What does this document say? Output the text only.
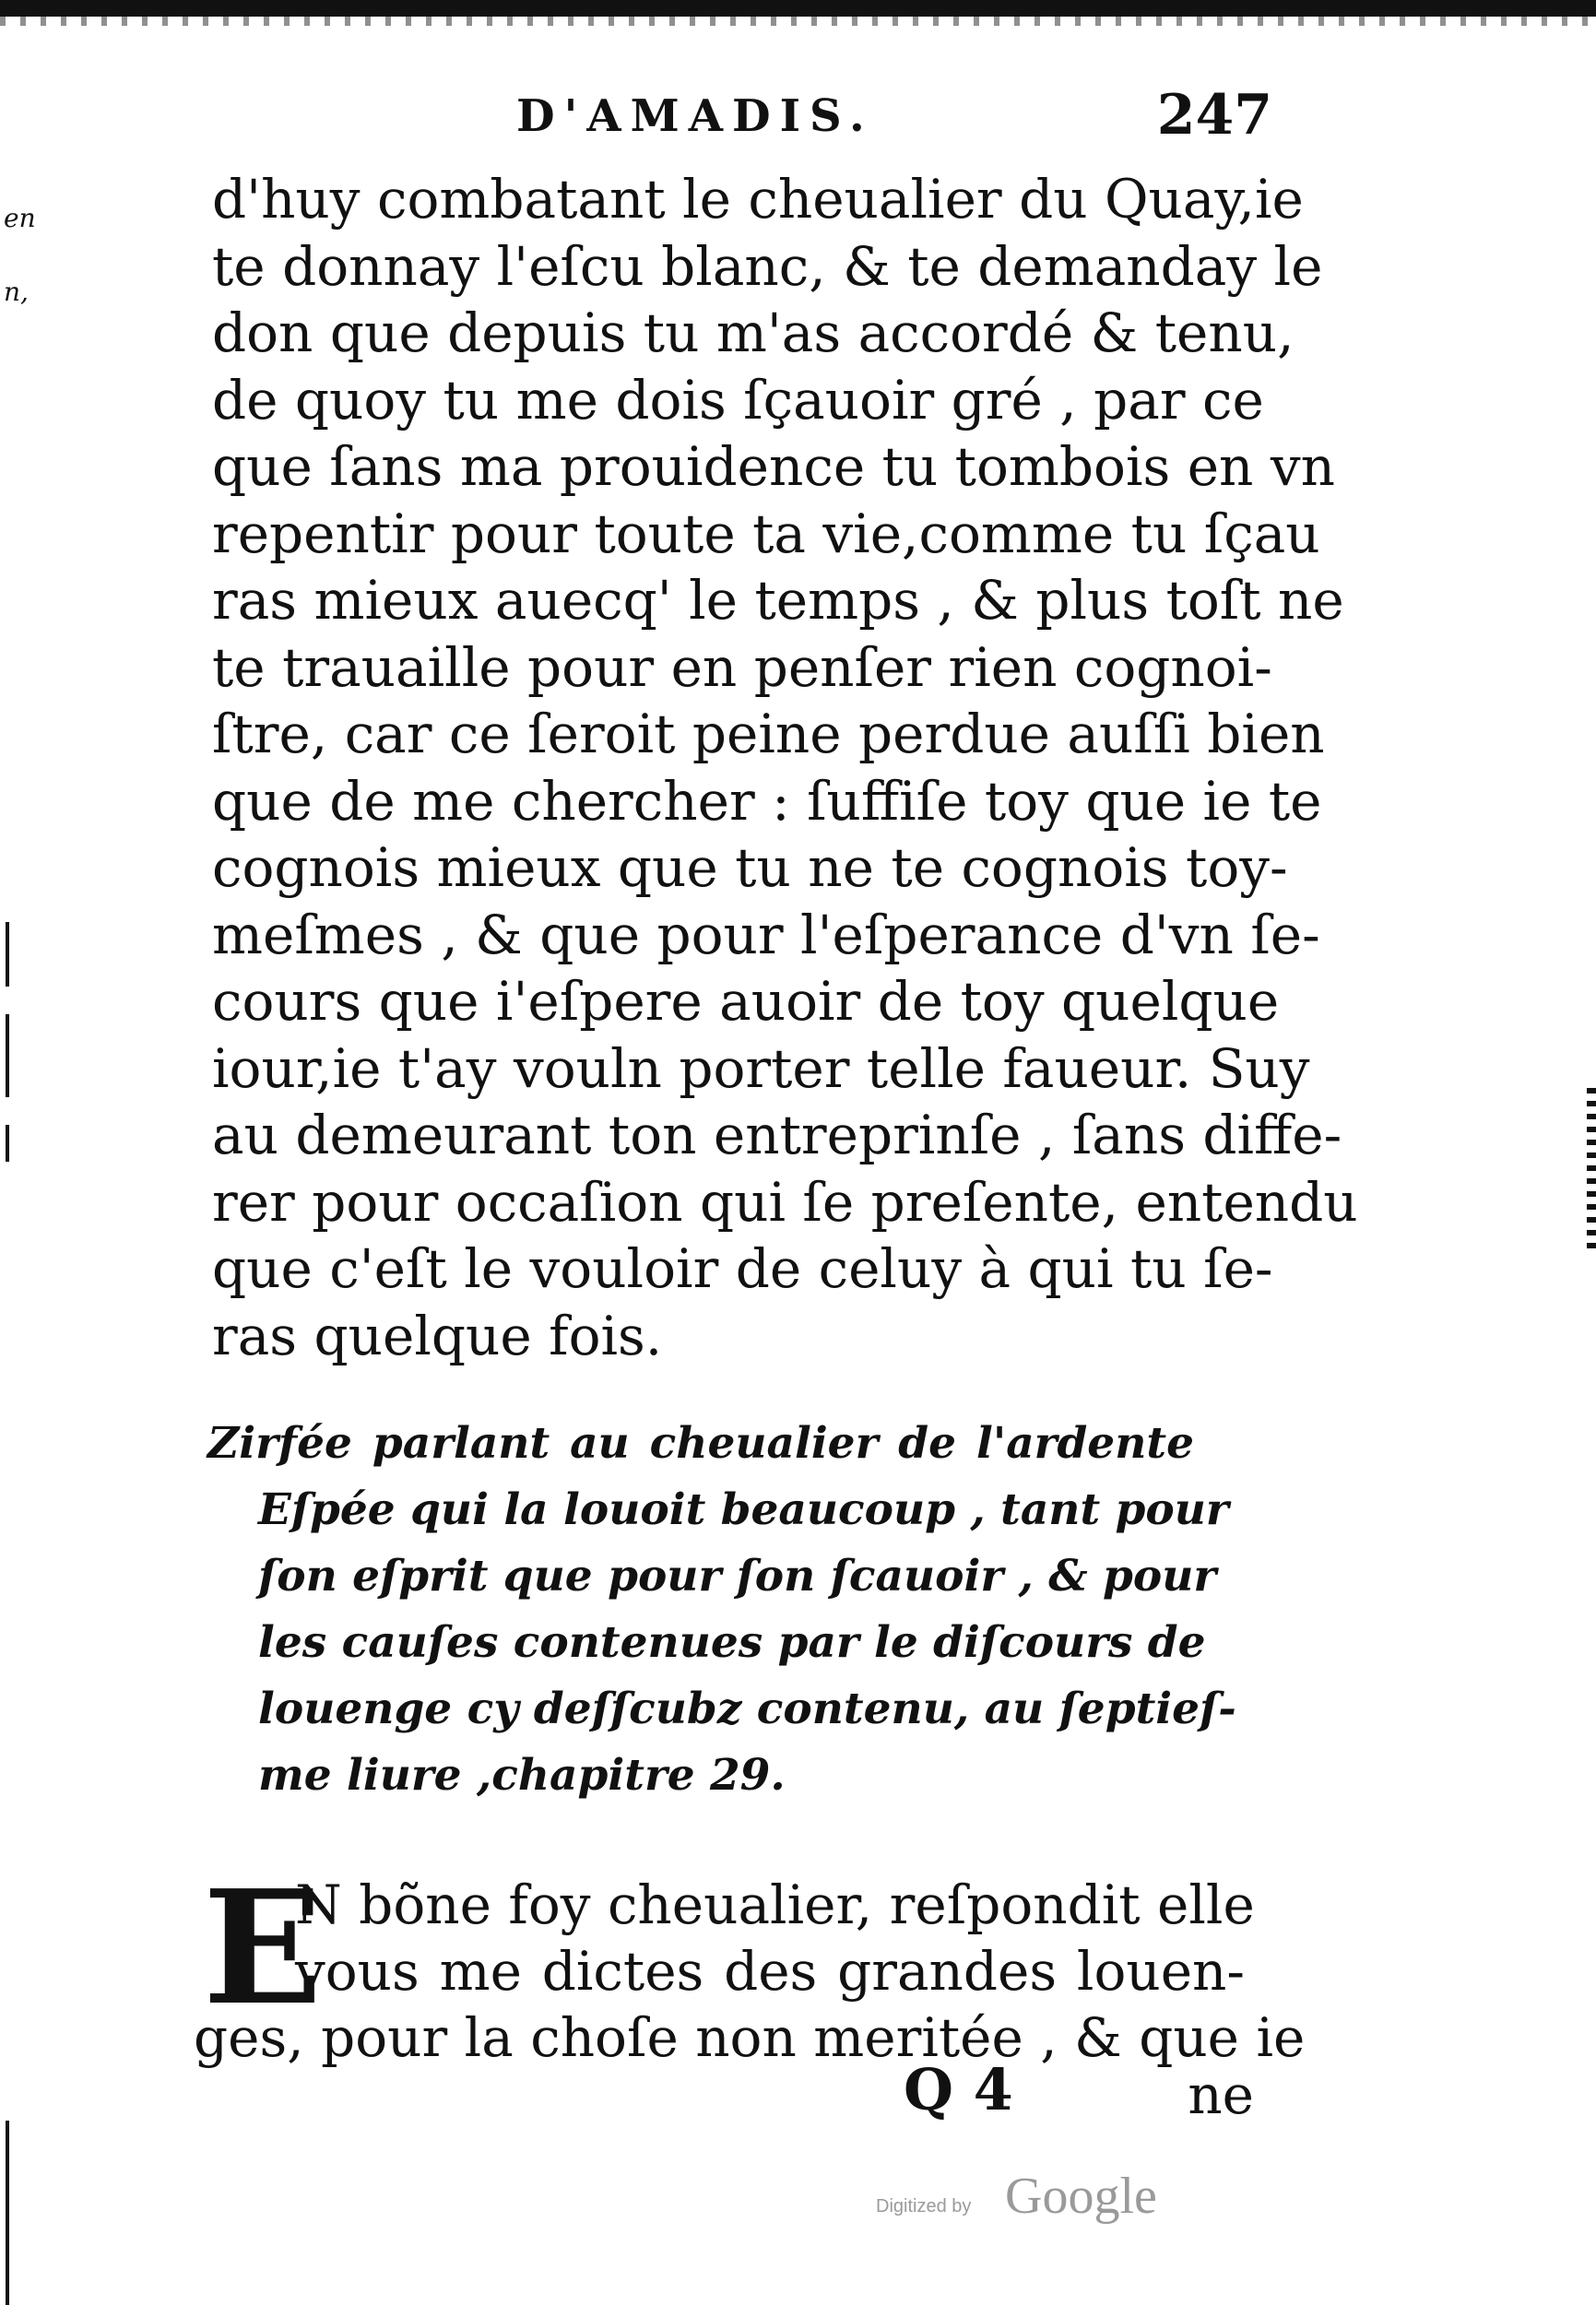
en
n,
D'AMADIS.	247
d'huy combatant le cheualier du Quay,ie
te donnay l'eſcu blanc, & te demanday le
don que depuis tu m'as accordé & tenu,
de quoy tu me dois ſçauoir gré , par ce
que ſans ma prouidence tu tombois en vn
repentir pour toute ta vie,comme tu ſçau
ras mieux auecq' le temps , & plus toſt ne
te trauaille pour en penſer rien cognoi-
ſtre, car ce ſeroit peine perdue auſſi bien
que de me chercher : ſuffiſe toy que ie te
cognois mieux que tu ne te cognois toy-
meſmes , & que pour l'eſperance d'vn ſe-
cours que i'eſpere auoir de toy quelque
iour,ie t'ay vouln porter telle faueur. Suy
au demeurant ton entreprinſe , ſans diffe-
rer pour occaſion qui ſe preſente, entendu
que c'eſt le vouloir de celuy à qui tu ſe-
ras quelque fois.
Zirfée parlant au cheualier de l'ardente
Eſpée qui la louoit beaucoup , tant pour
ſon eſprit que pour ſon ſcauoir , & pour
les cauſes contenues par le diſcours de
louenge cy deſſcubz contenu, au ſeptieſ-
me liure ,chapitre 29.
E
N bõne foy cheualier, reſpondit elle
vous me dictes des grandes louen-
ges, pour la choſe non meritée , & que ie
Q 4	ne
Digitized by Google
